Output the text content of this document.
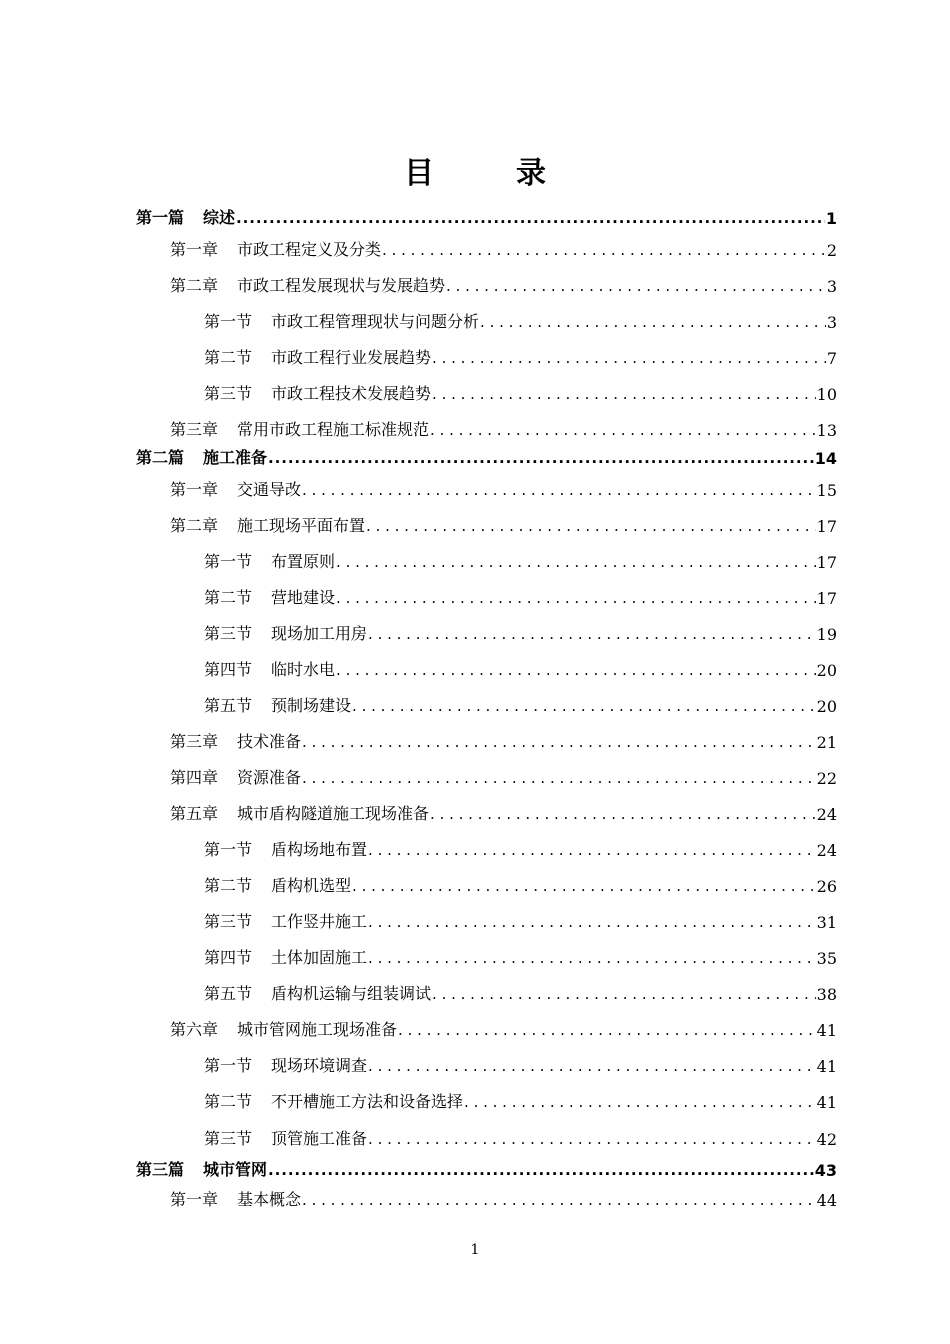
目　录
第一篇 综述 .....	1
第一章 市政工程定义及分类 . . .	2
第二章 市政工程发展现状与发展趋势 . . .	3
第一节 市政工程管理现状与问题分析 . . .	3
第二节 市政工程行业发展趋势 . . .	7
第三节 市政工程技术发展趋势 . . .	10
第三章 常用市政工程施工标准规范 . . .	13
第二篇 施工准备 .....	14
第一章 交通导改 . . .	15
第二章 施工现场平面布置 . . .	17
第一节 布置原则 . . .	17
第二节 营地建设 . . .	17
第三节 现场加工用房 . . .	19
第四节 临时水电 . . .	20
第五节 预制场建设 . . .	20
第三章 技术准备 . . .	21
第四章 资源准备 . . .	22
第五章 城市盾构隧道施工现场准备 . . .	24
第一节 盾构场地布置 . . .	24
第二节 盾构机选型 . . .	26
第三节 工作竖井施工 . . .	31
第四节 土体加固施工 . . .	35
第五节 盾构机运输与组装调试 . . .	38
第六章 城市管网施工现场准备 . . .	41
第一节 现场环境调查 . . .	41
第二节 不开槽施工方法和设备选择 . . .	41
第三节 顶管施工准备 . . .	42
第三篇 城市管网 .....	43
第一章 基本概念 . . .	44
1
